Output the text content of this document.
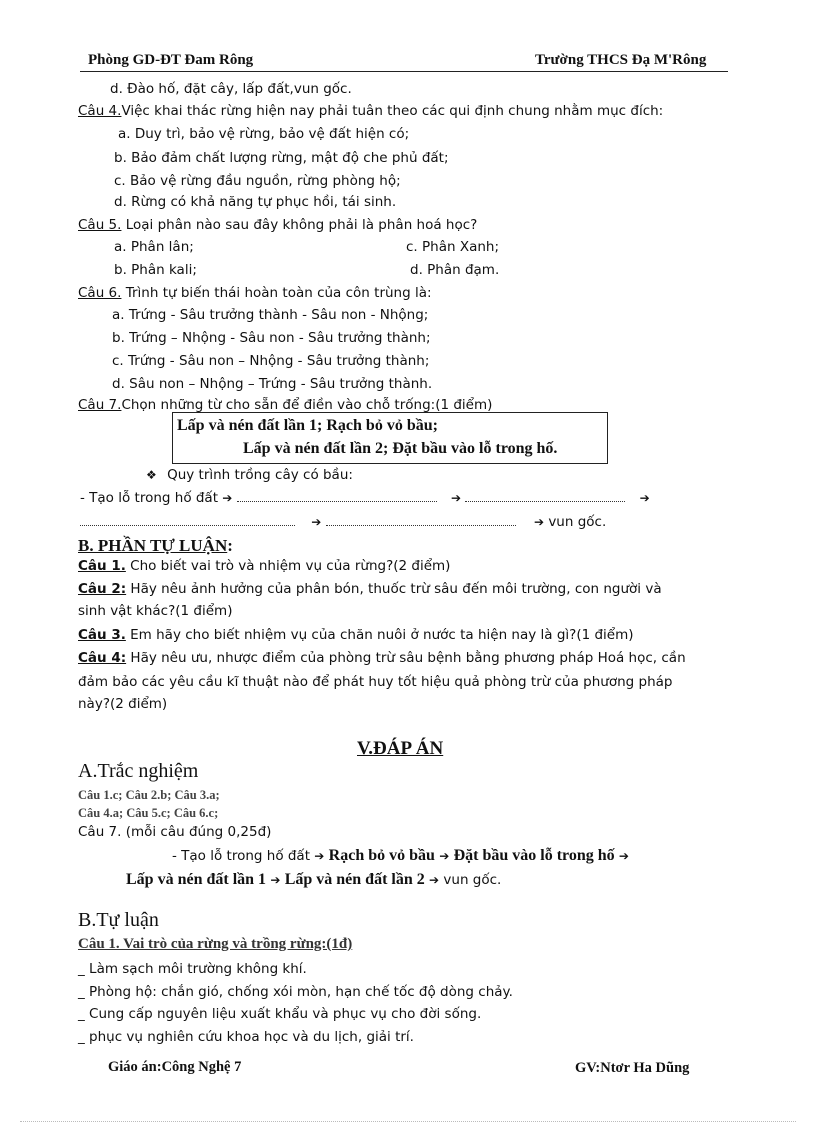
Phòng GD-ĐT Đam Rông	Trường THCS Đạ M'Rông
d. Đào hố, đặt cây, lấp đất,vun gốc.
Câu 4.Việc khai thác rừng hiện nay phải tuân theo các qui định chung nhằm mục đích:
a. Duy trì, bảo vệ rừng, bảo vệ đất hiện có;
b. Bảo đảm chất lượng rừng, mật độ che phủ đất;
c. Bảo vệ rừng đầu nguồn, rừng phòng hộ;
d. Rừng có khả năng tự phục hồi, tái sinh.
Câu 5. Loại phân nào sau đây không phải là phân hoá học?
a. Phân lân;	c. Phân Xanh;
b. Phân kali;	d. Phân đạm.
Câu 6. Trình tự biến thái hoàn toàn của côn trùng là:
a. Trứng - Sâu trưởng thành - Sâu non - Nhộng;
b. Trứng – Nhộng - Sâu non - Sâu trưởng thành;
c. Trứng - Sâu non – Nhộng - Sâu trưởng thành;
d. Sâu non – Nhộng – Trứng - Sâu trưởng thành.
Câu 7.Chọn những từ cho sẵn để điền vào chỗ trống:(1 điểm)
Lấp và nén đất lần 1; Rạch bỏ vỏ bầu;
Lấp và nén đất lần 2; Đặt bầu vào lỗ trong hố.
❖ Quy trình trồng cây có bầu:
- Tạo lỗ trong hố đất ➔	➔	➔
➔	➔ vun gốc.
B. PHẦN TỰ LUẬN:
Câu 1. Cho biết vai trò và nhiệm vụ của rừng?(2 điểm)
Câu 2: Hãy nêu ảnh hưởng của phân bón, thuốc trừ sâu đến môi trường, con người và
sinh vật khác?(1 điểm)
Câu 3. Em hãy cho biết nhiệm vụ của chăn nuôi ở nước ta hiện nay là gì?(1 điểm)
Câu 4: Hãy nêu ưu, nhược điểm của phòng trừ sâu bệnh bằng phương pháp Hoá học, cần
đảm bảo các yêu cầu kĩ thuật nào để phát huy tốt hiệu quả phòng trừ của phương pháp
này?(2 điểm)
V.ĐÁP ÁN
A.Trắc nghiệm
Câu 1.c; Câu 2.b; Câu 3.a;
Câu 4.a; Câu 5.c; Câu 6.c;
Câu 7. (mỗi câu đúng 0,25đ)
- Tạo lỗ trong hố đất ➔ Rạch bỏ vỏ bầu ➔ Đặt bầu vào lỗ trong hố ➔
Lấp và nén đất lần 1 ➔ Lấp và nén đất lần 2 ➔ vun gốc.
B.Tự luận
Câu 1. Vai trò của rừng và trồng rừng:(1đ)
_ Làm sạch môi trường không khí.
_ Phòng hộ: chắn gió, chống xói mòn, hạn chế tốc độ dòng chảy.
_ Cung cấp nguyên liệu xuất khẩu và phục vụ cho đời sống.
_ phục vụ nghiên cứu khoa học và du lịch, giải trí.
Giáo án:Công Nghệ 7	GV:Ntơr Ha Dũng
